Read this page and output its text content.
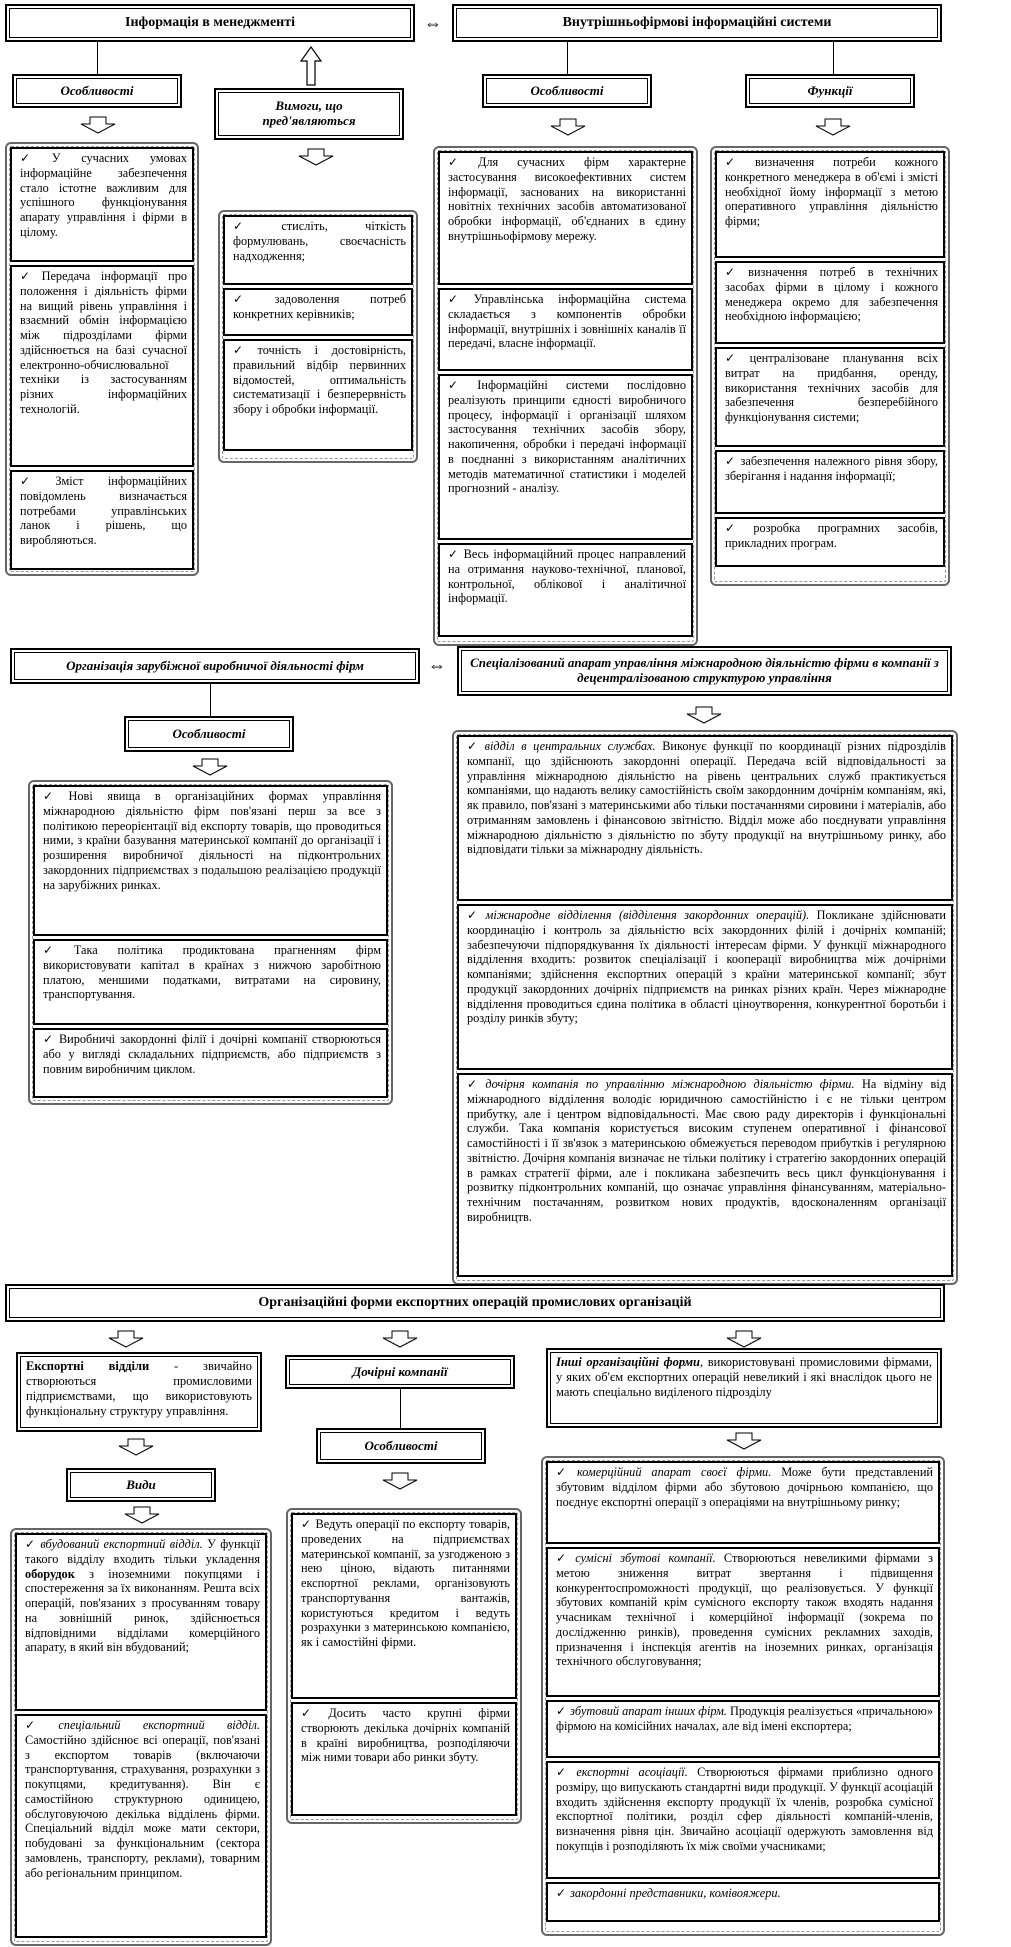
Інформація в менеджменті	⇔	Внутрішньофірмові інформаційні системи
Особливості
Вимоги, що пред'являються
Особливості	Функції
✓ У сучасних умовах інформаційне забезпечення стало істотне важливим для успішного функціонування апарату управління і фірми в цілому.
✓ Передача інформації про положення і діяльність фірми на вищий рівень управління і взаємний обмін інформацією між підрозділами фірми здійснюється на базі сучасної електронно-обчислювальної техніки із застосуванням різних інформаційних технологій.
✓ Зміст інформаційних повідомлень визначається потребами управлінських ланок і рішень, що виробляються.
✓ стисліть, чіткість формулювань, своєчасність надходження;
✓ задоволення потреб конкретних керівників;
✓ точність і достовірність, правильний відбір первинних відомостей, оптимальність систематизації і безперервність збору і обробки інформації.
✓ Для сучасних фірм характерне застосування високоефективних систем інформації, заснованих на використанні новітніх технічних засобів автоматизованої обробки інформації, об'єднаних в єдину внутрішньофірмову мережу.
✓ Управлінська інформаційна система складається з компонентів обробки інформації, внутрішніх і зовнішніх каналів її передачі, власне інформації.
✓ Інформаційні системи послідовно реалізують принципи єдності виробничого процесу, інформації і організації шляхом застосування технічних засобів збору, накопичення, обробки і передачі інформації в поєднанні з використанням аналітичних методів математичної статистики і моделей прогнозний - аналізу.
✓ Весь інформаційний процес направлений на отримання науково-технічної, планової, контрольної, облікової і аналітичної інформації.
✓ визначення потреби кожного конкретного менеджера в об'ємі і змісті необхідної йому інформації з метою оперативного управління діяльністю фірми;
✓ визначення потреб в технічних засобах фірми в цілому і кожного менеджера окремо для забезпечення необхідною інформацією;
✓ централізоване планування всіх витрат на придбання, оренду, використання технічних засобів для забезпечення безперебійного функціонування системи;
✓ забезпечення належного рівня збору, зберігання і надання інформації;
✓ розробка програмних засобів, прикладних програм.
Організація зарубіжної виробничої діяльності фірм	⇔	Спеціалізований апарат управління міжнародною діяльністю фірми в компанії з децентралізованою структурою управління
Особливості
✓ Нові явища в організаційних формах управління міжнародною діяльністю фірм пов'язані перш за все з політикою переорієнтації від експорту товарів, що проводиться ними, з країни базування материнської компанії до організації і розширення виробничої діяльності на підконтрольних закордонних підприємствах з подальшою реалізацією продукції на зарубіжних ринках.
✓ Така політика продиктована прагненням фірм використовувати капітал в країнах з нижчою заробітною платою, меншими податками, витратами на сировину, транспортування.
✓ Виробничі закордонні філії і дочірні компанії створюються або у вигляді складальних підприємств, або підприємств з повним виробничим циклом.
✓ відділ в центральних службах. Виконує функції по координації різних підрозділів компанії, що здійснюють закордонні операції. Передача всій відповідальності за управління міжнародною діяльністю на рівень центральних служб практикується компаніями, що надають велику самостійність своїм закордонним дочірнім компаніям, які, як правило, пов'язані з материнськими або тільки постачаннями сировини і матеріалів, або отриманням замовлень і фінансовою звітністю. Відділ може або поєднувати управління міжнародною діяльністю з діяльністю по збуту продукції на внутрішньому ринку, або відповідати тільки за міжнародну діяльність.
✓ міжнародне відділення (відділення закордонних операцій). Покликане здійснювати координацію і контроль за діяльністю всіх закордонних філій і дочірніх компаній; забезпечуючи підпорядкування їх діяльності інтересам фірми. У функції міжнародного відділення входить: розвиток спеціалізації і кооперації виробництва між дочірніми компаніями; здійснення експортних операцій з країни материнської компанії; збут продукції закордонних дочірніх підприємств на ринках різних країн. Через міжнародне відділення проводиться єдина політика в області ціноутворення, конкурентної боротьби і розділу ринків збуту;
✓ дочірня компанія по управлінню міжнародною діяльністю фірми. На відміну від міжнародного відділення володіє юридичною самостійністю і є не тільки центром прибутку, але і центром відповідальності. Має свою раду директорів і функціональні служби. Така компанія користується високим ступенем оперативної і фінансової самостійності і її зв'язок з материнською обмежується переводом прибутків і регулярною звітністю. Дочірня компанія визначає не тільки політику і стратегію закордонних операцій в рамках стратегії фірми, але і покликана забезпечить весь цикл функціонування і розвитку підконтрольних компаній, що означає управління фінансуванням, матеріально-технічним постачанням, розвитком нових продуктів, вдосконаленням організації виробництв.
Організаційні форми експортних операцій промислових організацій
Експортні відділи - звичайно створюються промисловими підприємствами, що використовують функціональну структуру управління.
Дочірні компанії
Інші організаційні форми, використовувані промисловими фірмами, у яких об'єм експортних операцій невеликий і які внаслідок цього не мають спеціально виділеного підрозділу
Особливості
Види
✓ вбудований експортний відділ. У функції такого відділу входить тільки укладення оборудок з іноземними покупцями і спостереження за їх виконанням. Решта всіх операцій, пов'язаних з просуванням товару на зовнішній ринок, здійснюється відповідними відділами комерційного апарату, в який він вбудований;
✓ спеціальний експортний відділ. Самостійно здійснює всі операції, пов'язані з експортом товарів (включаючи транспортування, страхування, розрахунки з покупцями, кредитування). Він є самостійною структурною одиницею, обслуговуючою декілька відділень фірми. Спеціальний відділ може мати сектори, побудовані за функціональним (сектора замовлень, транспорту, реклами), товарним або регіональним принципом.
✓ Ведуть операції по експорту товарів, проведених на підприємствах материнської компанії, за узгодженою з нею ціною, відають питаннями експортної реклами, організовують транспортування вантажів, користуються кредитом і ведуть розрахунки з материнською компанією, як і самостійні фірми.
✓ Досить часто крупні фірми створюють декілька дочірніх компаній в країні виробництва, розподіляючи між ними товари або ринки збуту.
✓ комерційний апарат своєї фірми. Може бути представлений збутовим відділом фірми або збутовою дочірньою компанією, що поєднує експортні операції з операціями на внутрішньому ринку;
✓ сумісні збутові компанії. Створюються невеликими фірмами з метою зниження витрат звертання і підвищення конкурентоспроможності продукції, що реалізовується. У функції збутових компаній крім сумісного експорту також входять надання учасникам технічної і комерційної інформації (зокрема по дослідженню ринків), проведення сумісних рекламних заходів, призначення і інспекція агентів на іноземних ринках, організація технічного обслуговування;
✓ збутовий апарат інших фірм. Продукція реалізується «причальною» фірмою на комісійних началах, але від імені експортера;
✓ експортні асоціації. Створюються фірмами приблизно одного розміру, що випускають стандартні види продукції. У функції асоціацій входить здійснення експорту продукції їх членів, розробка сумісної експортної політики, розділ сфер діяльності компаній-членів, визначення рівня цін. Звичайно асоціації одержують замовлення від покупців і розподіляють їх між своїми учасниками;
✓ закордонні представники, комівояжери.
